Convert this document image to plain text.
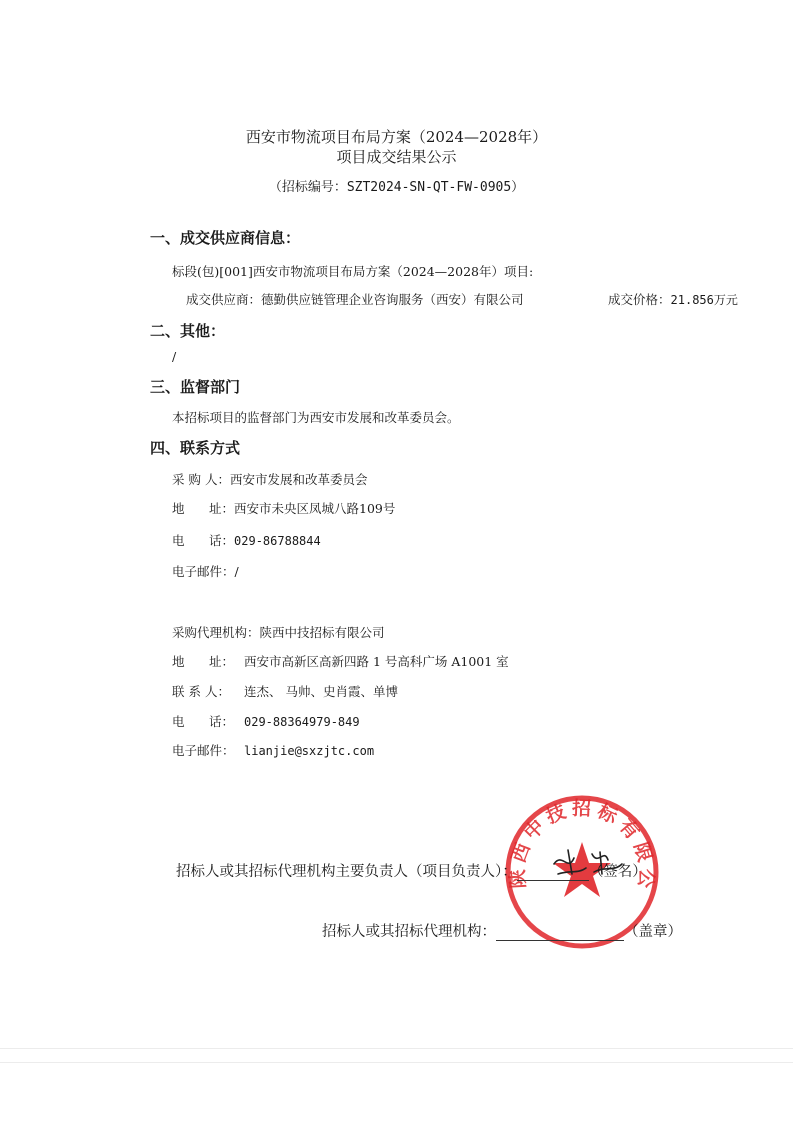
西安市物流项目布局方案（2024—2028年）
项目成交结果公示
（招标编号：SZT2024-SN-QT-FW-0905）
一、成交供应商信息：
标段(包)[001]西安市物流项目布局方案（2024—2028年）项目:
成交供应商：德勤供应链管理企业咨询服务（西安）有限公司	成交价格：21.856万元
二、其他：
/
三、监督部门
本招标项目的监督部门为西安市发展和改革委员会。
四、联系方式
采 购 人：西安市发展和改革委员会
地 址：西安市未央区凤城八路109号
电 话：029-86788844
电子邮件：/
采购代理机构：陕西中技招标有限公司
地 址： 西安市高新区高新四路 1 号高科广场 A1001 室
联 系 人： 连杰、 马帅、史肖霞、单博
电 话： 029-88364979-849
电子邮件： lianjie@sxzjtc.com
陕西中技招标有限公
招标人或其招标代理机构主要负责人（项目负责人）：	（签名）
招标人或其招标代理机构：	（盖章）
